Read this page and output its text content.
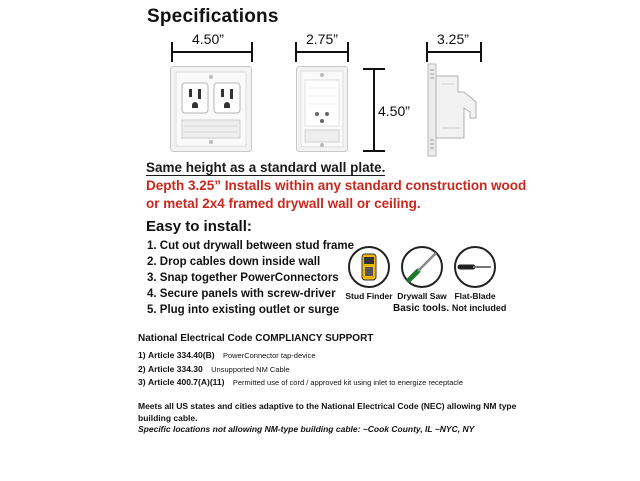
Specifications
4.50”	2.75”	3.25”
4.50”
Same height as a standard wall plate.
Depth 3.25” Installs within any standard construction wood
or metal 2x4 framed drywall wall or ceiling.
Easy to install:
1. Cut out drywall between stud frame
2. Drop cables down inside wall
3. Snap together PowerConnectors
4. Secure panels with screw-driver
5. Plug into existing outlet or surge
Stud Finder Drywall Saw Flat-Blade
Basic tools. Not included
National Electrical Code COMPLIANCY SUPPORT
1) Article 334.40(B) PowerConnector tap-device
2) Article 334.30 Unsupported NM Cable
3) Article 400.7(A)(11) Permitted use of cord / approved kit using inlet to energize receptacle
Meets all US states and cities adaptive to the National Electrical Code (NEC) allowing NM type building cable.
Specific locations not allowing NM-type building cable: ~Cook County, IL ~NYC, NY
